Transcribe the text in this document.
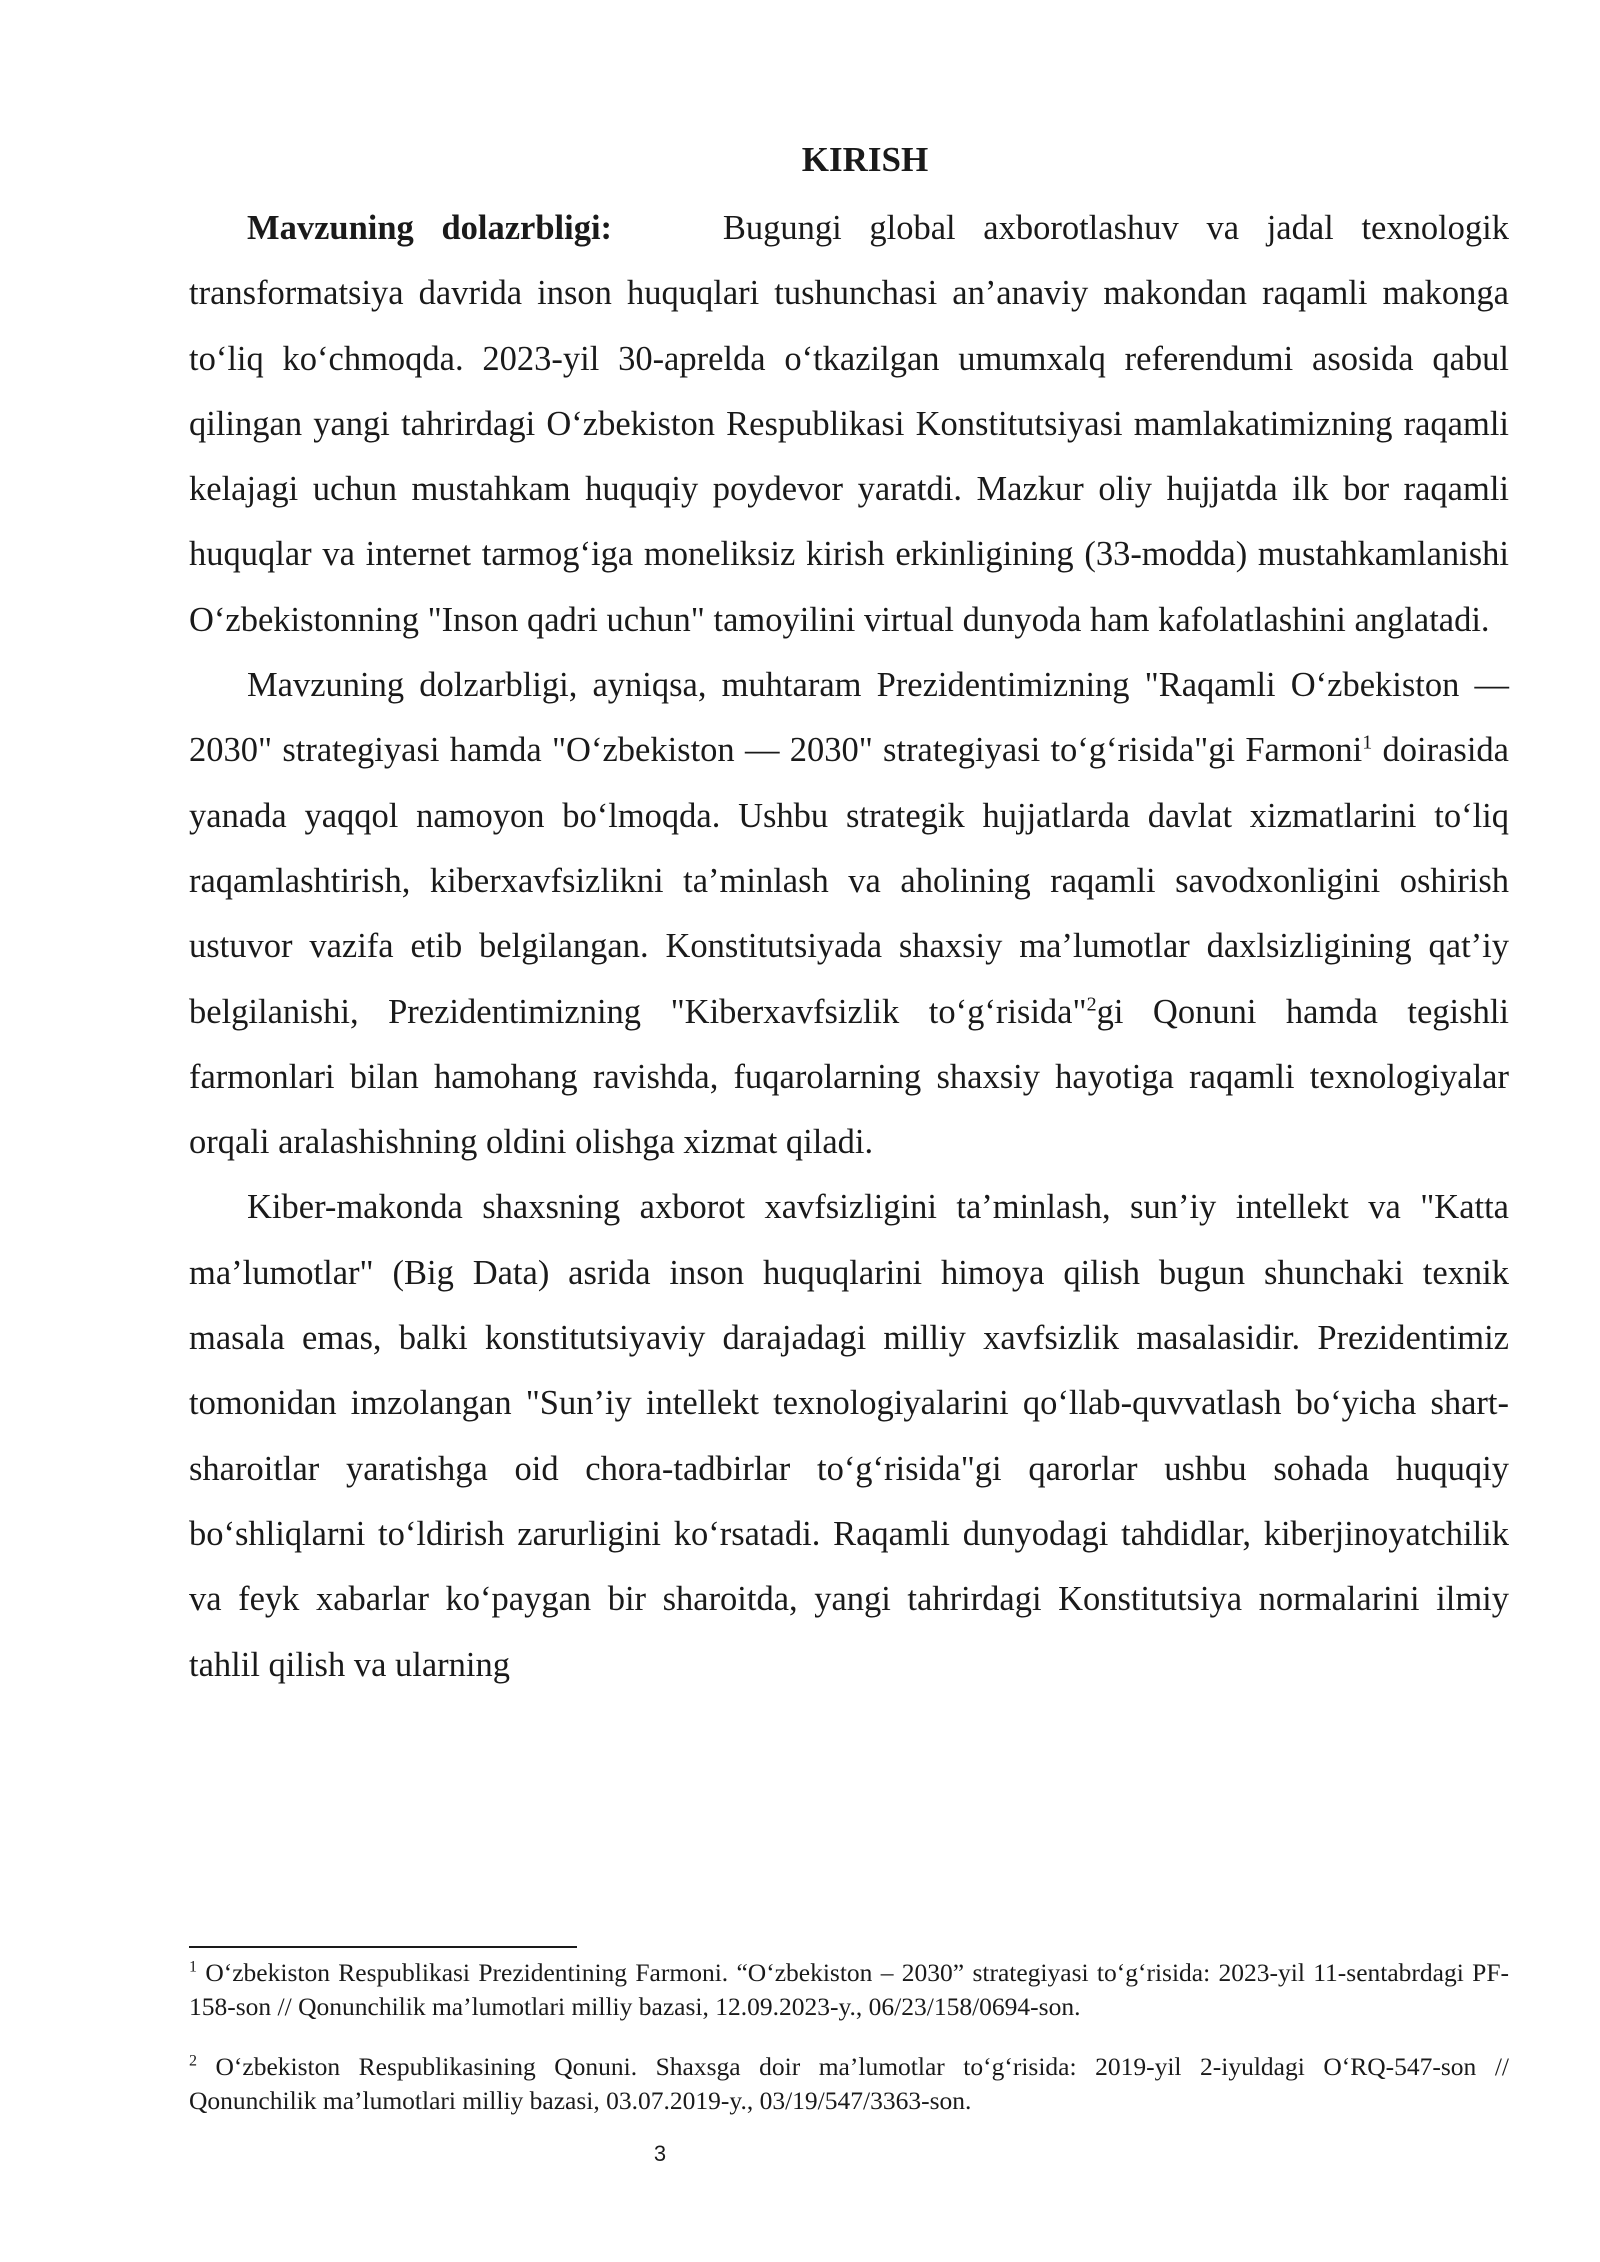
KIRISH

Mavzuning dolazrbligi:	Bugungi global axborotlashuv va jadal texnologik transformatsiya davrida inson huquqlari tushunchasi an’anaviy makondan raqamli makonga to‘liq ko‘chmoqda. 2023-yil 30-aprelda o‘tkazilgan umumxalq referendumi asosida qabul qilingan yangi tahrirdagi O‘zbekiston Respublikasi Konstitutsiyasi mamlakatimizning raqamli kelajagi uchun mustahkam huquqiy poydevor yaratdi. Mazkur oliy hujjatda ilk bor raqamli huquqlar va internet tarmog‘iga moneliksiz kirish erkinligining (33-modda) mustahkamlanishi O‘zbekistonning "Inson qadri uchun" tamoyilini virtual dunyoda ham kafolatlashini anglatadi.

Mavzuning dolzarbligi, ayniqsa, muhtaram Prezidentimizning "Raqamli O‘zbekiston — 2030" strategiyasi hamda "O‘zbekiston — 2030" strategiyasi to‘g‘risida"gi Farmoni$^1$ doirasida yanada yaqqol namoyon bo‘lmoqda. Ushbu strategik hujjatlarda davlat xizmatlarini to‘liq raqamlashtirish, kiberxavfsizlikni ta’minlash va aholining raqamli savodxonligini oshirish ustuvor vazifa etib belgilangan. Konstitutsiyada shaxsiy ma’lumotlar daxlsizligining qat’iy belgilanishi, Prezidentimizning "Kiberxavfsizlik to‘g‘risida"$^2$gi Qonuni hamda tegishli farmonlari bilan hamohang ravishda, fuqarolarning shaxsiy hayotiga raqamli texnologiyalar orqali aralashishning oldini olishga xizmat qiladi.

Kiber-makonda shaxsning axborot xavfsizligini ta’minlash, sun’iy intellekt va "Katta ma’lumotlar" (Big Data) asrida inson huquqlarini himoya qilish bugun shunchaki texnik masala emas, balki konstitutsiyaviy darajadagi milliy xavfsizlik masalasidir. Prezidentimiz tomonidan imzolangan "Sun’iy intellekt texnologiyalarini qo‘llab-quvvatlash bo‘yicha shart-sharoitlar yaratishga oid chora-tadbirlar to‘g‘risida"gi qarorlar ushbu sohada huquqiy bo‘shliqlarni to‘ldirish zarurligini ko‘rsatadi. Raqamli dunyodagi tahdidlar, kiberjinoyatchilik va feyk xabarlar ko‘paygan bir sharoitda, yangi tahrirdagi Konstitutsiya normalarini ilmiy tahlil qilish va ularning

$^1$ O‘zbekiston Respublikasi Prezidentining Farmoni. “O‘zbekiston – 2030” strategiyasi to‘g‘risida: 2023-yil 11-sentabrdagi PF-158-son // Qonunchilik ma’lumotlari milliy bazasi, 12.09.2023-y., 06/23/158/0694-son.

$^2$ O‘zbekiston Respublikasining Qonuni. Shaxsga doir ma’lumotlar to‘g‘risida: 2019-yil 2-iyuldagi O‘RQ-547-son // Qonunchilik ma’lumotlari milliy bazasi, 03.07.2019-y., 03/19/547/3363-son.

3
